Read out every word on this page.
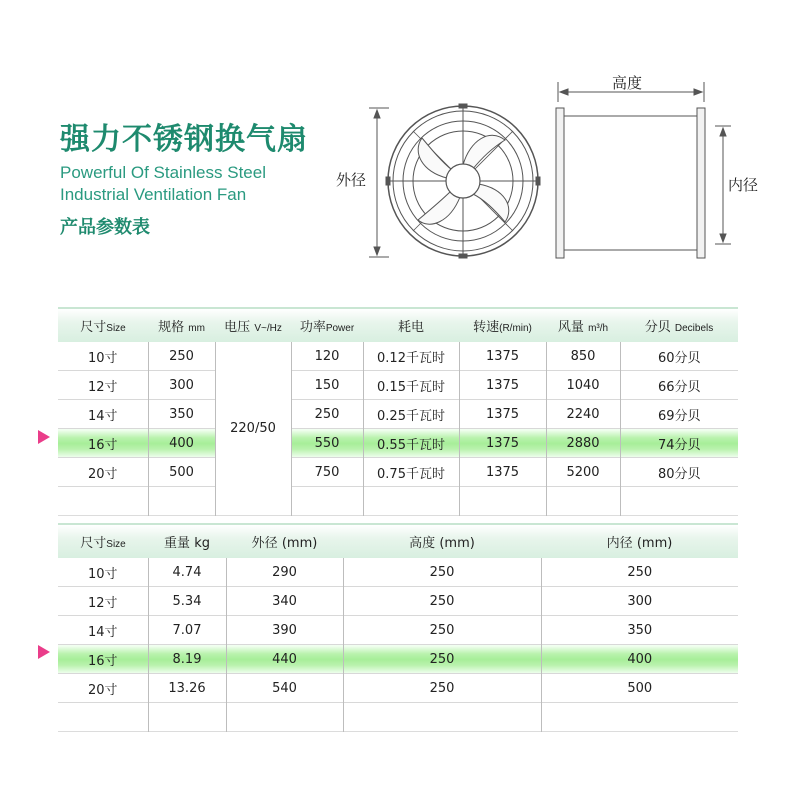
强力不锈钢换气扇
Powerful Of Stainless Steel
Industrial Ventilation Fan
产品参数表
外径
高度
内径
尺寸Size	规格 mm	电压 V~/Hz	功率Power	耗电	转速(R/min)	风量 m³/h	分贝 Decibels
10寸	250	220/50	120	0.12千瓦时	1375	850	60分贝
12寸	300		150	0.15千瓦时	1375	1040	66分贝
14寸	350		250	0.25千瓦时	1375	2240	69分贝
16寸	400		550	0.55千瓦时	1375	2880	74分贝
20寸	500		750	0.75千瓦时	1375	5200	80分贝

尺寸Size	重量 kg	外径 (mm)	高度 (mm)	内径 (mm)
10寸	4.74	290	250	250
12寸	5.34	340	250	300
14寸	7.07	390	250	350
16寸	8.19	440	250	400
20寸	13.26	540	250	500
